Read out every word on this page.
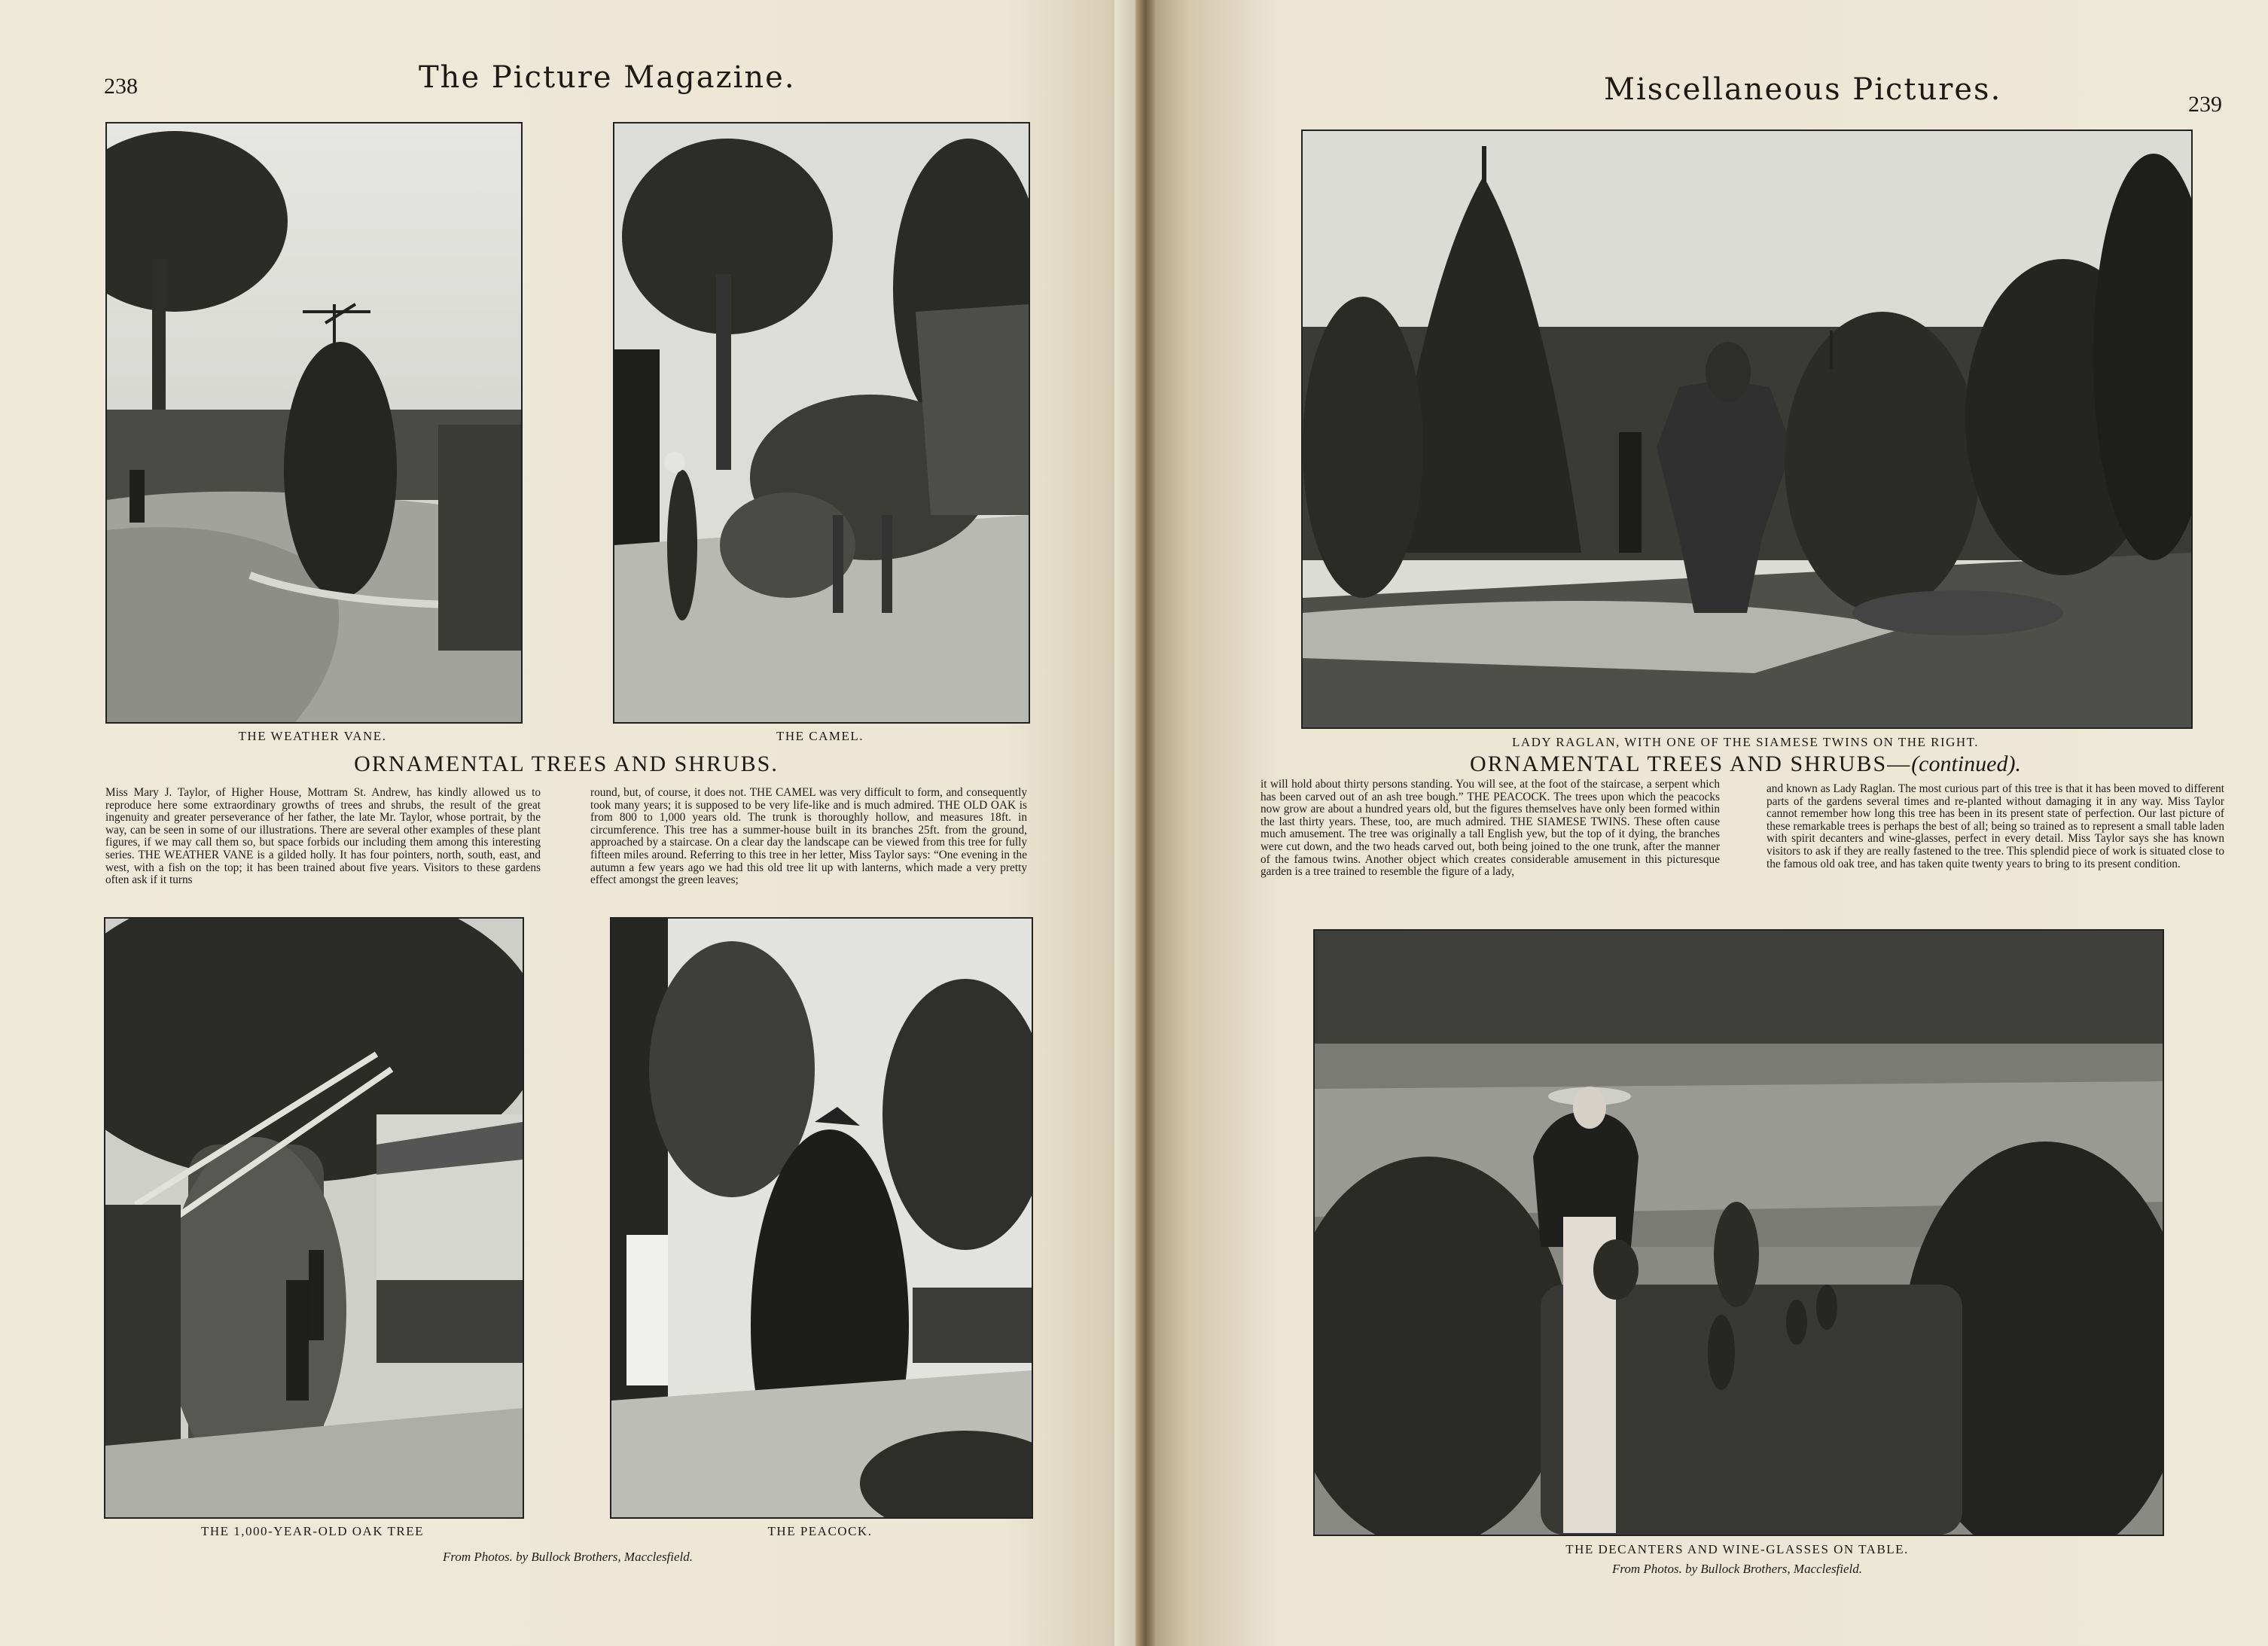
238	The Picture Magazine.
THE WEATHER VANE.	THE CAMEL.
ORNAMENTAL TREES AND SHRUBS.
Miss Mary J. Taylor, of Higher House, Mottram St. Andrew, has kindly allowed us to reproduce here some extraordinary growths of trees and shrubs, the result of the great ingenuity and greater perseverance of her father, the late Mr. Taylor, whose portrait, by the way, can be seen in some of our illustrations. There are several other examples of these plant figures, if we may call them so, but space forbids our including them among this interesting series. THE WEATHER VANE is a gilded holly. It has four pointers, north, south, east, and west, with a fish on the top; it has been trained about five years. Visitors to these gardens often ask if it turns
round, but, of course, it does not. THE CAMEL was very difficult to form, and consequently took many years; it is supposed to be very life-like and is much admired. THE OLD OAK is from 800 to 1,000 years old. The trunk is thoroughly hollow, and measures 18ft. in circumference. This tree has a summer-house built in its branches 25ft. from the ground, approached by a staircase. On a clear day the landscape can be viewed from this tree for fully fifteen miles around. Referring to this tree in her letter, Miss Taylor says: “One evening in the autumn a few years ago we had this old tree lit up with lanterns, which made a very pretty effect amongst the green leaves;
THE 1,000-YEAR-OLD OAK TREE	THE PEACOCK.
From Photos. by Bullock Brothers, Macclesfield.
Miscellaneous Pictures.	239
LADY RAGLAN, WITH ONE OF THE SIAMESE TWINS ON THE RIGHT.
ORNAMENTAL TREES AND SHRUBS—(continued).
it will hold about thirty persons standing. You will see, at the foot of the staircase, a serpent which has been carved out of an ash tree bough.” THE PEACOCK. The trees upon which the peacocks now grow are about a hundred years old, but the figures themselves have only been formed within the last thirty years. These, too, are much admired. THE SIAMESE TWINS. These often cause much amusement. The tree was originally a tall English yew, but the top of it dying, the branches were cut down, and the two heads carved out, both being joined to the one trunk, after the manner of the famous twins. Another object which creates considerable amusement in this picturesque garden is a tree trained to resemble the figure of a lady,
and known as Lady Raglan. The most curious part of this tree is that it has been moved to different parts of the gardens several times and re-planted without damaging it in any way. Miss Taylor cannot remember how long this tree has been in its present state of perfection. Our last picture of these remarkable trees is perhaps the best of all; being so trained as to represent a small table laden with spirit decanters and wine-glasses, perfect in every detail. Miss Taylor says she has known visitors to ask if they are really fastened to the tree. This splendid piece of work is situated close to the famous old oak tree, and has taken quite twenty years to bring to its present condition.
THE DECANTERS AND WINE-GLASSES ON TABLE.
From Photos. by Bullock Brothers, Macclesfield.
